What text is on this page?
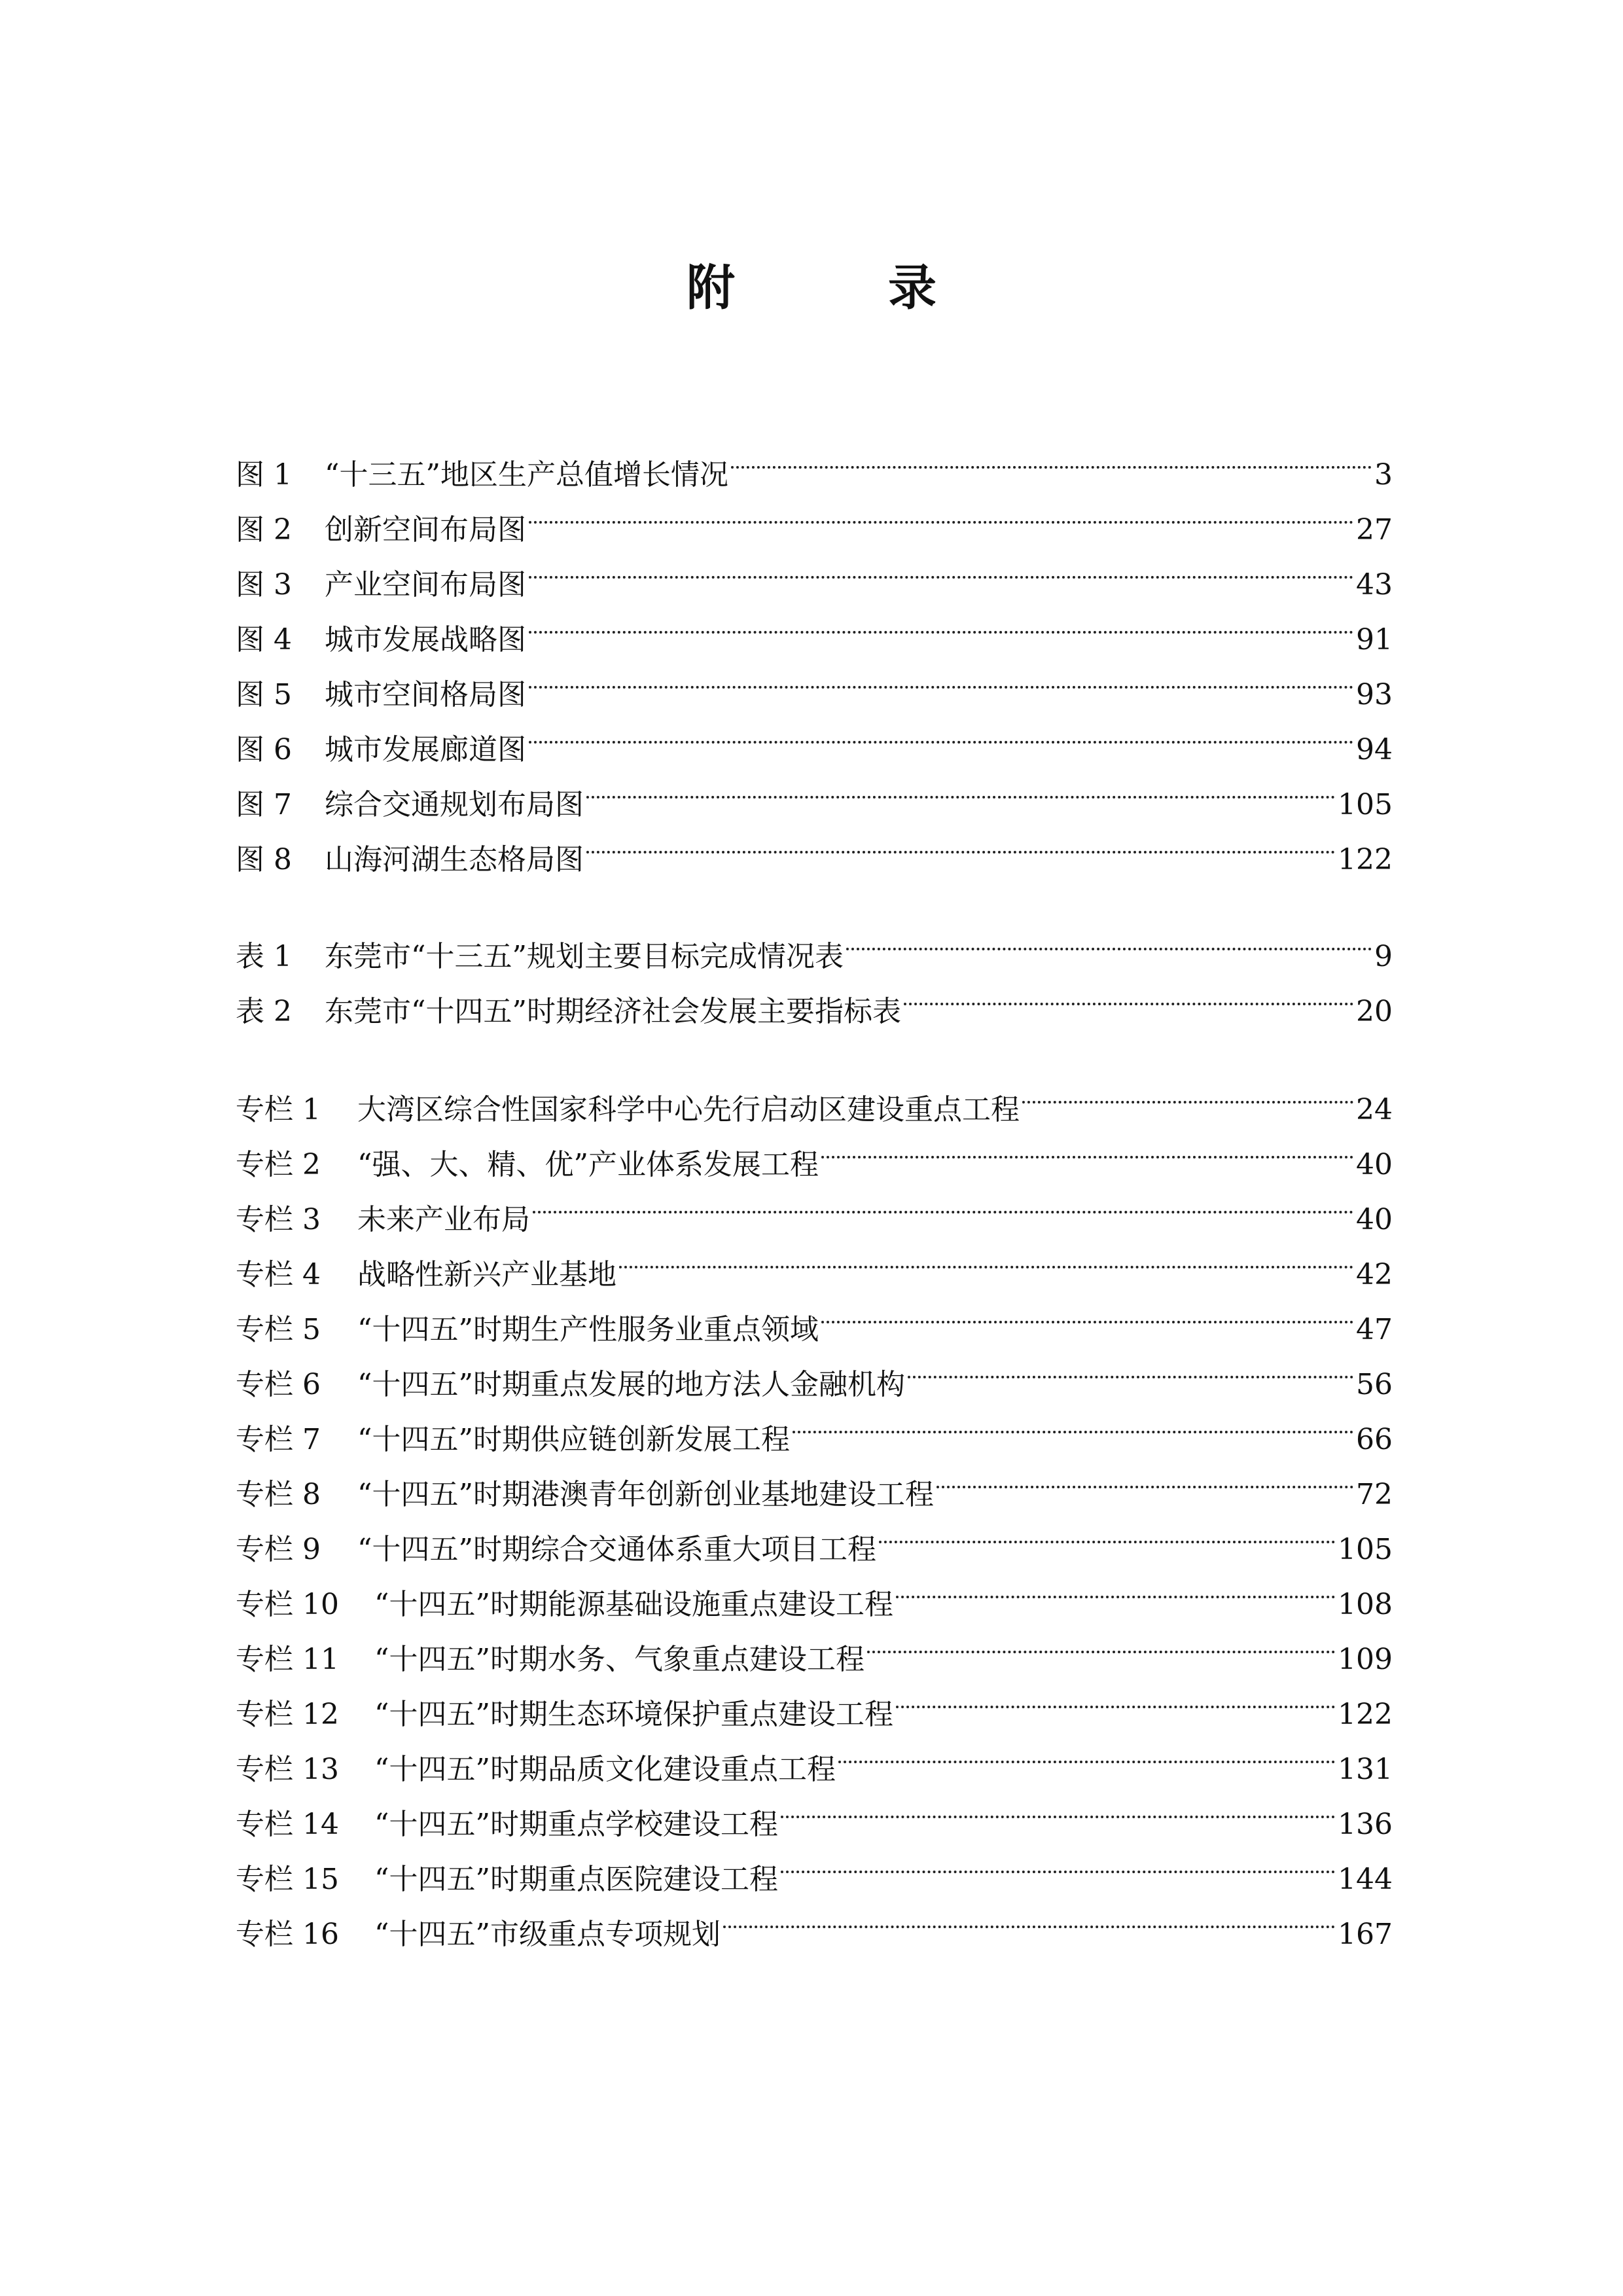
附　录
图 1	“十三五”地区生产总值增长情况	3
图 2	创新空间布局图	27
图 3	产业空间布局图	43
图 4	城市发展战略图	91
图 5	城市空间格局图	93
图 6	城市发展廊道图	94
图 7	综合交通规划布局图	105
图 8	山海河湖生态格局图	122
表 1	东莞市“十三五”规划主要目标完成情况表	9
表 2	东莞市“十四五”时期经济社会发展主要指标表	20
专栏 1	大湾区综合性国家科学中心先行启动区建设重点工程	24
专栏 2	“强、大、精、优”产业体系发展工程	40
专栏 3	未来产业布局	40
专栏 4	战略性新兴产业基地	42
专栏 5	“十四五”时期生产性服务业重点领域	47
专栏 6	“十四五”时期重点发展的地方法人金融机构	56
专栏 7	“十四五”时期供应链创新发展工程	66
专栏 8	“十四五”时期港澳青年创新创业基地建设工程	72
专栏 9	“十四五”时期综合交通体系重大项目工程	105
专栏 10	“十四五”时期能源基础设施重点建设工程	108
专栏 11	“十四五”时期水务、气象重点建设工程	109
专栏 12	“十四五”时期生态环境保护重点建设工程	122
专栏 13	“十四五”时期品质文化建设重点工程	131
专栏 14	“十四五”时期重点学校建设工程	136
专栏 15	“十四五”时期重点医院建设工程	144
专栏 16	“十四五”市级重点专项规划	167
